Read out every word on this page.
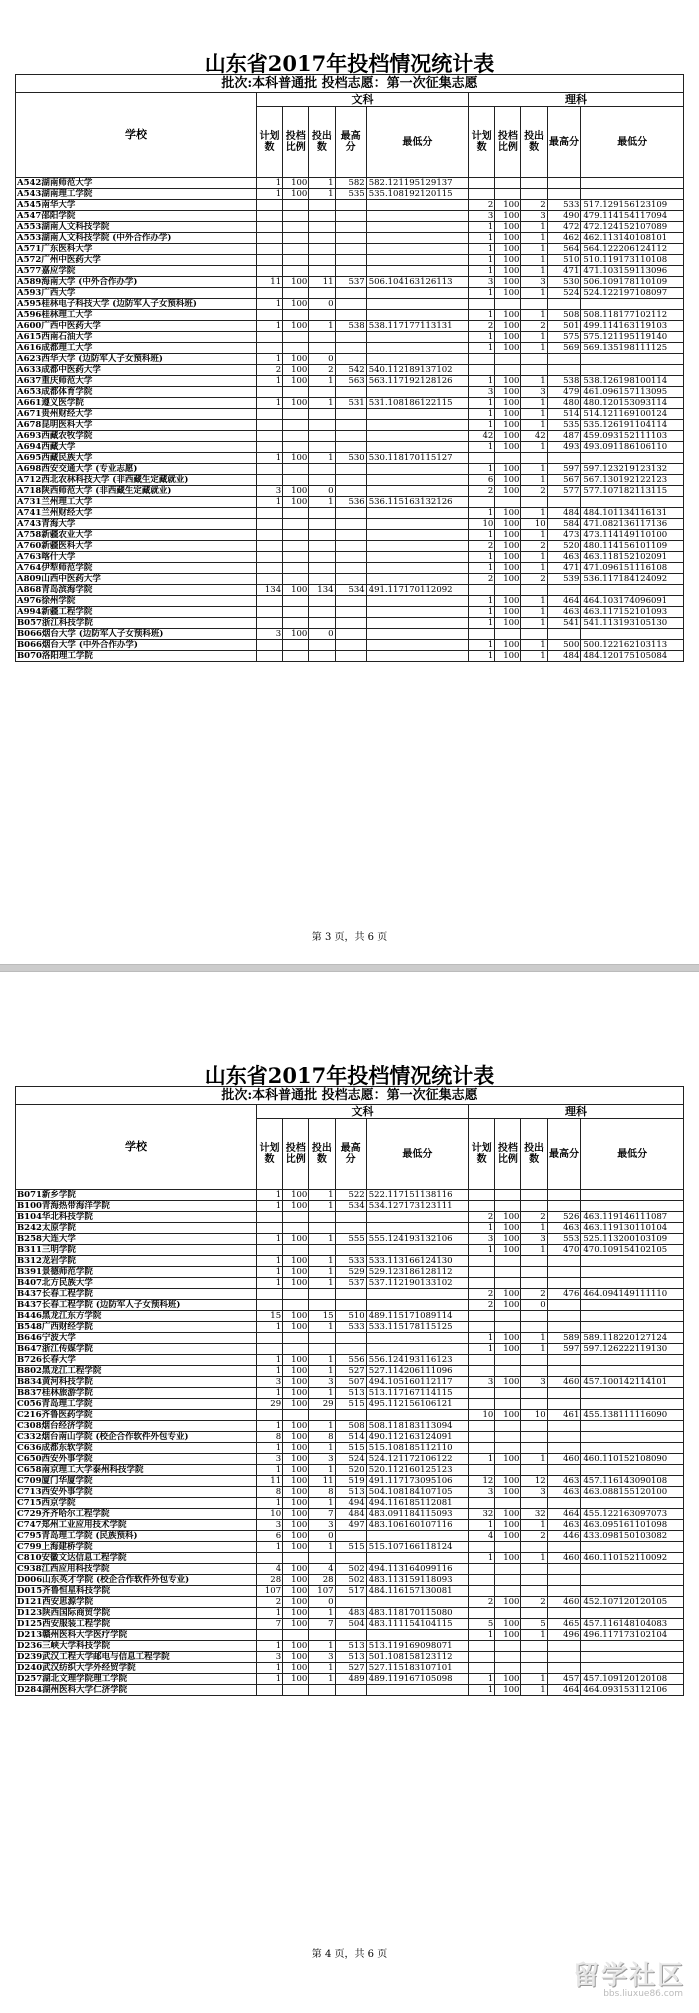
山东省2017年投档情况统计表
批次:本科普通批 投档志愿：第一次征集志愿										
学校	文科					理科				
	计划数	投档比例	投出数	最高分	最低分	计划数	投档比例	投出数	最高分	最低分
A542湖南师范大学	1	100	1	582	582.121195129137					
A543湖南理工学院	1	100	1	535	535.108192120115					
A545南华大学						2	100	2	533	517.129156123109
A547邵阳学院						3	100	3	490	479.114154117094
A553湖南人文科技学院						1	100	1	472	472.124152107089
A553湖南人文科技学院 (中外合作办学)						1	100	1	462	462.113140108101
A571广东医科大学						1	100	1	564	564.122206124112
A572广州中医药大学						1	100	1	510	510.119173110108
A577嘉应学院						1	100	1	471	471.103159113096
A589海南大学 (中外合作办学)	11	100	11	537	506.104163126113	3	100	3	530	506.109178110109
A593广西大学						1	100	1	524	524.122197108097
A595桂林电子科技大学 (边防军人子女预科班)	1	100	0							
A596桂林理工大学						1	100	1	508	508.118177102112
A600广西中医药大学	1	100	1	538	538.117177113131	2	100	2	501	499.114163119103
A615西南石油大学						1	100	1	575	575.121195119140
A616成都理工大学						1	100	1	569	569.135198111125
A623西华大学 (边防军人子女预科班)	1	100	0							
A633成都中医药大学	2	100	2	542	540.112189137102					
A637重庆师范大学	1	100	1	563	563.117192128126	1	100	1	538	538.126198100114
A653成都体育学院						3	100	3	479	461.096157113095
A661遵义医学院	1	100	1	531	531.108186122115	1	100	1	480	480.120153093114
A671贵州财经大学						1	100	1	514	514.121169100124
A678昆明医科大学						1	100	1	535	535.126191104114
A693西藏农牧学院						42	100	42	487	459.093152111103
A694西藏大学						1	100	1	493	493.091186106110
A695西藏民族大学	1	100	1	530	530.118170115127					
A698西安交通大学 (专业志愿)						1	100	1	597	597.123219123132
A712西北农林科技大学 (非西藏生定藏就业)						6	100	1	567	567.130192122123
A718陕西师范大学 (非西藏生定藏就业)	3	100	0			2	100	2	577	577.107182113115
A731兰州理工大学	1	100	1	536	536.115163132126					
A741兰州财经大学						1	100	1	484	484.101134116131
A743青海大学						10	100	10	584	471.082136117136
A758新疆农业大学						1	100	1	473	473.114149110100
A760新疆医科大学						2	100	2	520	480.114156101109
A763喀什大学						1	100	1	463	463.118152102091
A764伊犁师范学院						1	100	1	471	471.096151116108
A809山西中医药大学						2	100	2	539	536.117184124092
A868青岛滨海学院	134	100	134	534	491.117170112092					
A976徐州学院						1	100	1	464	464.103174096091
A994新疆工程学院						1	100	1	463	463.117152101093
B057浙江科技学院						1	100	1	541	541.113193105130
B066烟台大学 (边防军人子女预科班)	3	100	0							
B066烟台大学 (中外合作办学)						1	100	1	500	500.122162103113
B070洛阳理工学院						1	100	1	484	484.120175105084
第 3 页，共 6 页
山东省2017年投档情况统计表
批次:本科普通批 投档志愿：第一次征集志愿										
学校	文科					理科				
	计划数	投档比例	投出数	最高分	最低分	计划数	投档比例	投出数	最高分	最低分
B071新乡学院	1	100	1	522	522.117151138116					
B100青海热带海洋学院	1	100	1	534	534.127173123111					
B104华北科技学院						2	100	2	526	463.119146111087
B242太原学院						1	100	1	463	463.119130110104
B258大连大学	1	100	1	555	555.124193132106	3	100	3	553	525.113200103109
B311三明学院						1	100	1	470	470.109154102105
B312龙岩学院	1	100	1	533	533.113166124130					
B391景德师范学院	1	100	1	529	529.123186128112					
B407北方民族大学	1	100	1	537	537.112190133102					
B437长春工程学院						2	100	2	476	464.094149111110
B437长春工程学院 (边防军人子女预科班)						2	100	0		
B446黑龙江东方学院	15	100	15	510	489.115171089114					
B548广西财经学院	1	100	1	533	533.115178115125					
B646宁波大学						1	100	1	589	589.118220127124
B647浙江传媒学院						1	100	1	597	597.126222119130
B726长春大学	1	100	1	556	556.124193116123					
B802黑龙江工程学院	1	100	1	527	527.114206111096					
B834黄河科技学院	3	100	3	507	494.105160112117	3	100	3	460	457.100142114101
B837桂林旅游学院	1	100	1	513	513.117167114115					
C056青岛理工学院	29	100	29	515	495.112156106121					
C216齐鲁医药学院						10	100	10	461	455.138111116090
C308烟台经济学院	1	100	1	508	508.118183113094					
C332烟台南山学院 (校企合作软件外包专业)	8	100	8	514	490.112163124091					
C636成都东软学院	1	100	1	515	515.108185112110					
C650西安外事学院	3	100	3	524	524.121172106122	1	100	1	460	460.110152108090
C658南京理工大学泰州科技学院	1	100	1	520	520.112160125123					
C709厦门华厦学院	11	100	11	519	491.117173095106	12	100	12	463	457.116143090108
C713西安外事学院	8	100	8	513	504.108184107105	3	100	3	463	463.088155120100
C715西京学院	1	100	1	494	494.116185112081					
C729齐齐哈尔工程学院	10	100	7	484	483.091184115093	32	100	32	464	455.122163097073
C747郑州工业应用技术学院	3	100	3	497	483.106160107116	1	100	1	463	463.095161101098
C795青岛理工学院 (民族预科)	6	100	0			4	100	2	446	433.098150103082
C799上海建桥学院	1	100	1	515	515.107166118124					
C810安徽文达信息工程学院						1	100	1	460	460.110152110092
C938江西应用科技学院	4	100	4	502	494.113164099116					
D006山东英才学院 (校企合作软件外包专业)	28	100	28	502	483.113159118093					
D015齐鲁恒星科技学院	107	100	107	517	484.116157130081					
D121西安思源学院	2	100	0			2	100	2	460	452.107120120105
D123陕西国际商贸学院	1	100	1	483	483.118170115080					
D125西安服装工程学院	7	100	7	504	483.111154104115	5	100	5	465	457.116148104083
D213赣州医科大学医疗学院						1	100	1	496	496.117173102104
D236三峡大学科技学院	1	100	1	513	513.119169098071					
D239武汉工程大学邮电与信息工程学院	3	100	3	513	501.108158123112					
D240武汉纺织大学外经贸学院	1	100	1	527	527.115183107101					
D257湖北文理学院理工学院	1	100	1	489	489.119167105098	1	100	1	457	457.109120120108
D284湖州医科大学仁济学院						1	100	1	464	464.093153112106
第 4 页，共 6 页
留学社区
bbs.liuxue86.com
